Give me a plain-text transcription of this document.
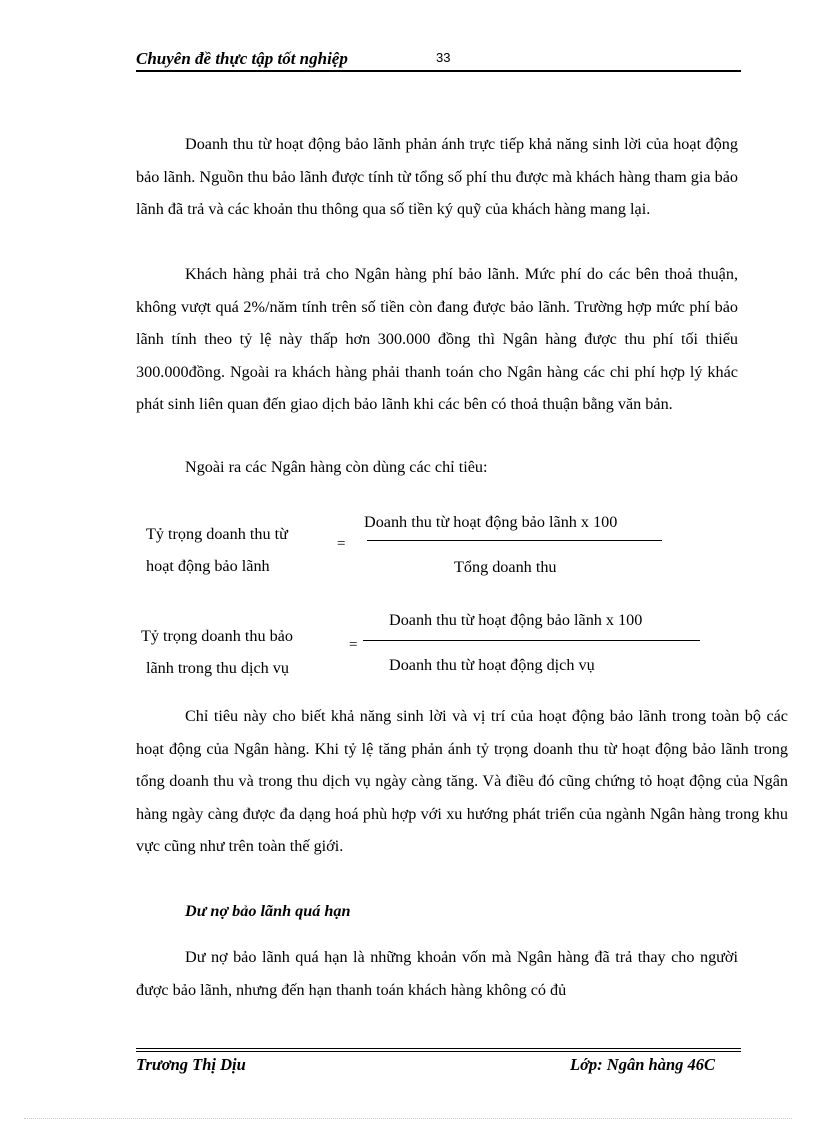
Chuyên đề thực tập tốt nghiệp	33

Doanh thu từ hoạt động bảo lãnh phản ánh trực tiếp khả năng sinh lời của hoạt động bảo lãnh. Nguồn thu bảo lãnh được tính từ tổng số phí thu được mà khách hàng tham gia bảo lãnh đã trả và các khoản thu thông qua số tiền ký quỹ của khách hàng mang lại.

Khách hàng phải trả cho Ngân hàng phí bảo lãnh. Mức phí do các bên thoả thuận, không vượt quá 2%/năm tính trên số tiền còn đang được bảo lãnh. Trường hợp mức phí bảo lãnh tính theo tỷ lệ này thấp hơn 300.000 đồng thì Ngân hàng được thu phí tối thiểu 300.000đồng. Ngoài ra khách hàng phải thanh toán cho Ngân hàng các chi phí hợp lý khác phát sinh liên quan đến giao dịch bảo lãnh khi các bên có thoả thuận bằng văn bản.

Ngoài ra các Ngân hàng còn dùng các chỉ tiêu:

Tỷ trọng doanh thu từ
hoạt động bảo lãnh
=
Doanh thu từ hoạt động bảo lãnh x 100
Tổng doanh thu
Tỷ trọng doanh thu bảo
lãnh trong thu dịch vụ
=
Doanh thu từ hoạt động bảo lãnh x 100
Doanh thu từ hoạt động dịch vụ

Chỉ tiêu này cho biết khả năng sinh lời và vị trí của hoạt động bảo lãnh trong toàn bộ các hoạt động của Ngân hàng. Khi tỷ lệ tăng phản ánh tỷ trọng doanh thu từ hoạt động bảo lãnh trong tổng doanh thu và trong thu dịch vụ ngày càng tăng. Và điều đó cũng chứng tỏ hoạt động của Ngân hàng ngày càng được đa dạng hoá phù hợp với xu hướng phát triển của ngành Ngân hàng trong khu vực cũng như trên toàn thế giới.

Dư nợ bảo lãnh quá hạn

Dư nợ bảo lãnh quá hạn là những khoản vốn mà Ngân hàng đã trả thay cho người được bảo lãnh, nhưng đến hạn thanh toán khách hàng không có đủ

Trương Thị Dịu	Lớp: Ngân hàng 46C
